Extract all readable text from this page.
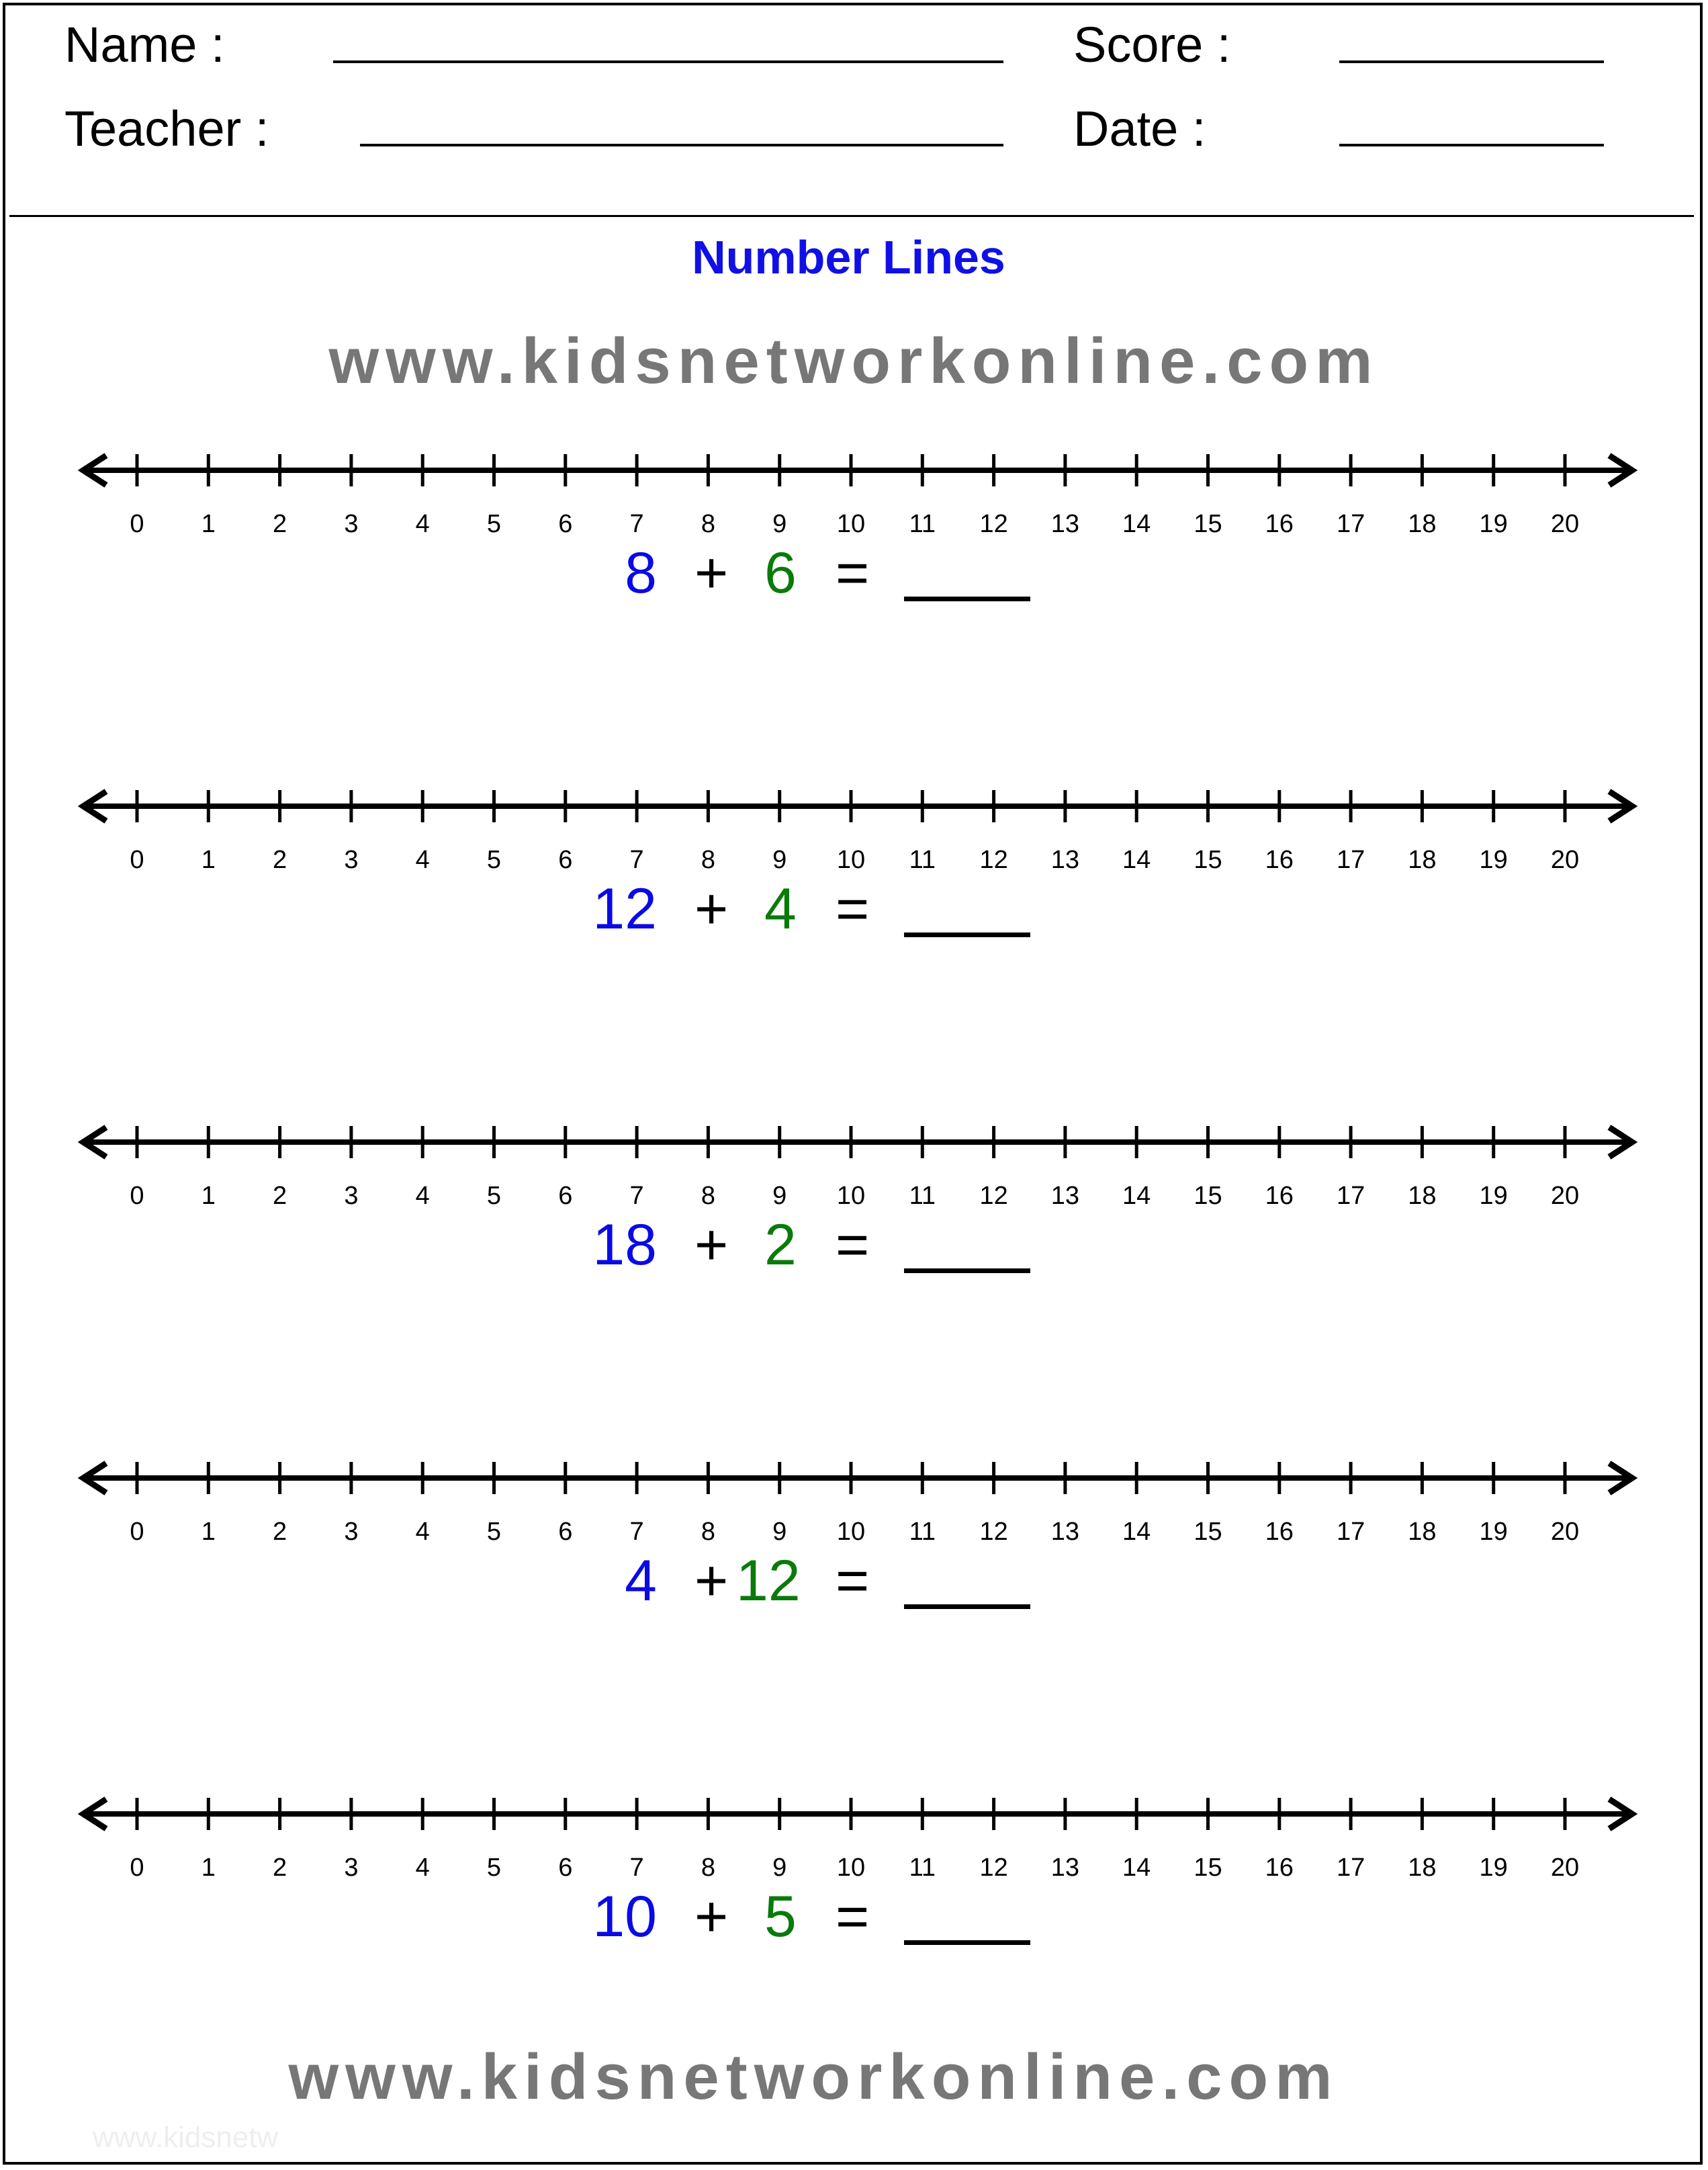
Name :
Teacher :
Score :
Date :
Number Lines
www.kidsnetworkonline.com
0 1 2 3 4 5 6 7 8 9 10 11 12 13 14 15 16 17 18 19 20
8 + 6 =
0 1 2 3 4 5 6 7 8 9 10 11 12 13 14 15 16 17 18 19 20
12 + 4 =
0 1 2 3 4 5 6 7 8 9 10 11 12 13 14 15 16 17 18 19 20
18 + 2 =
0 1 2 3 4 5 6 7 8 9 10 11 12 13 14 15 16 17 18 19 20
4 + 12 =
0 1 2 3 4 5 6 7 8 9 10 11 12 13 14 15 16 17 18 19 20
10 + 5 =
www.kidsnetworkonline.com
www.kidsnetw
